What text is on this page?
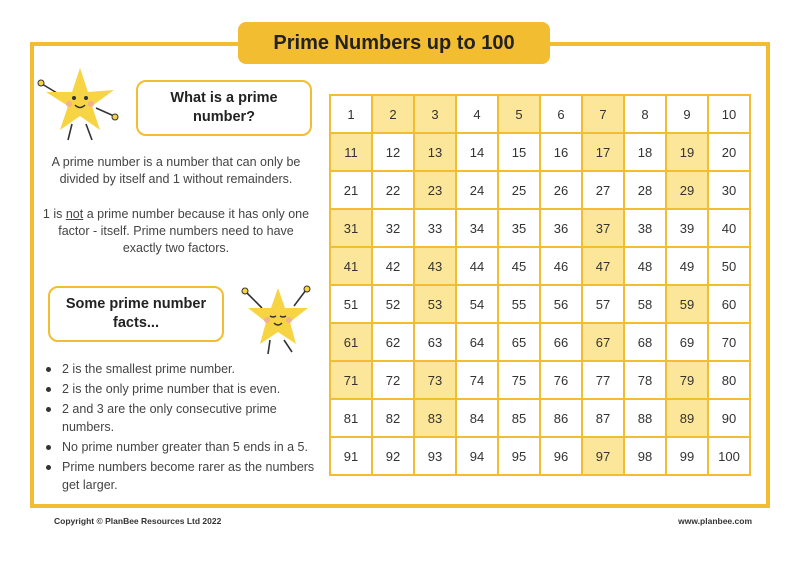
Prime Numbers up to 100
What is a prime number?

A prime number is a number that can only be divided by itself and 1 without remainders.

1 is not a prime number because it has only one factor - itself. Prime numbers need to have exactly two factors.

Some prime number facts...
2 is the smallest prime number.
2 is the only prime number that is even.
2 and 3 are the only consecutive prime numbers.
No prime number greater than 5 ends in a 5.
Prime numbers become rarer as the numbers get larger.
1	2	3	4	5	6	7	8	9	10
11	12	13	14	15	16	17	18	19	20
21	22	23	24	25	26	27	28	29	30
31	32	33	34	35	36	37	38	39	40
41	42	43	44	45	46	47	48	49	50
51	52	53	54	55	56	57	58	59	60
61	62	63	64	65	66	67	68	69	70
71	72	73	74	75	76	77	78	79	80
81	82	83	84	85	86	87	88	89	90
91	92	93	94	95	96	97	98	99	100
Copyright © PlanBee Resources Ltd 2022	www.planbee.com
